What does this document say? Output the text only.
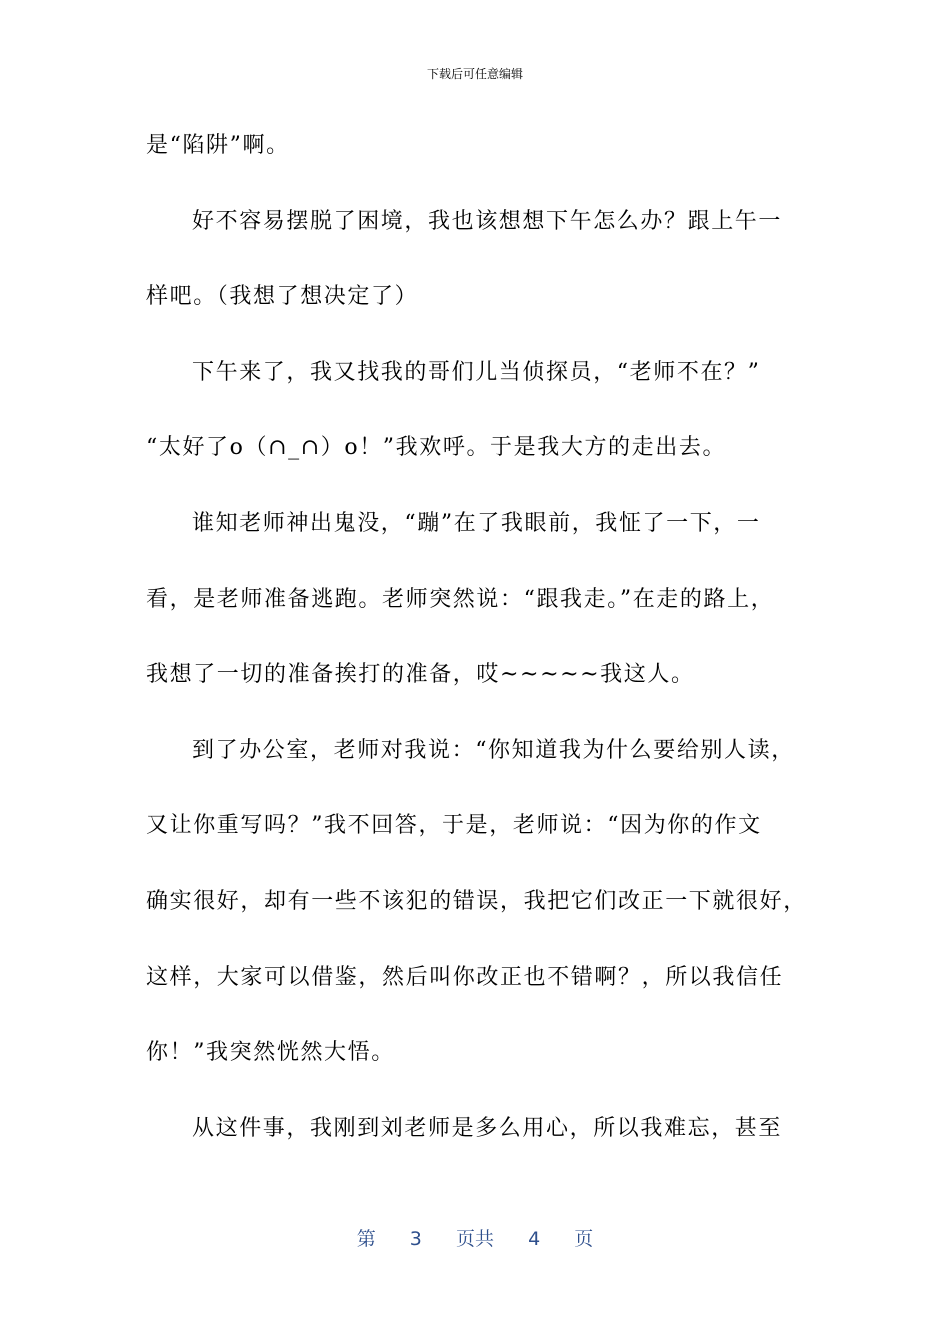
下载后可任意编辑
是“陷阱”啊。
好不容易摆脱了困境，我也该想想下午怎么办？跟上午一
样吧。（我想了想决定了）
下午来了，我又找我的哥们儿当侦探员，“老师不在？”
“太好了o（∩_∩）o！”我欢呼。于是我大方的走出去。
谁知老师神出鬼没，“蹦”在了我眼前，我怔了一下，一
看，是老师准备逃跑。老师突然说：“跟我走。”在走的路上，
我想了一切的准备挨打的准备，哎~~~~~我这人。
到了办公室，老师对我说：“你知道我为什么要给别人读，
又让你重写吗？”我不回答，于是，老师说：“因为你的作文
确实很好，却有一些不该犯的错误，我把它们改正一下就很好，
这样，大家可以借鉴，然后叫你改正也不错啊？，所以我信任
你！”我突然恍然大悟。
从这件事，我刚到刘老师是多么用心，所以我难忘，甚至
第 3 页共 4 页
